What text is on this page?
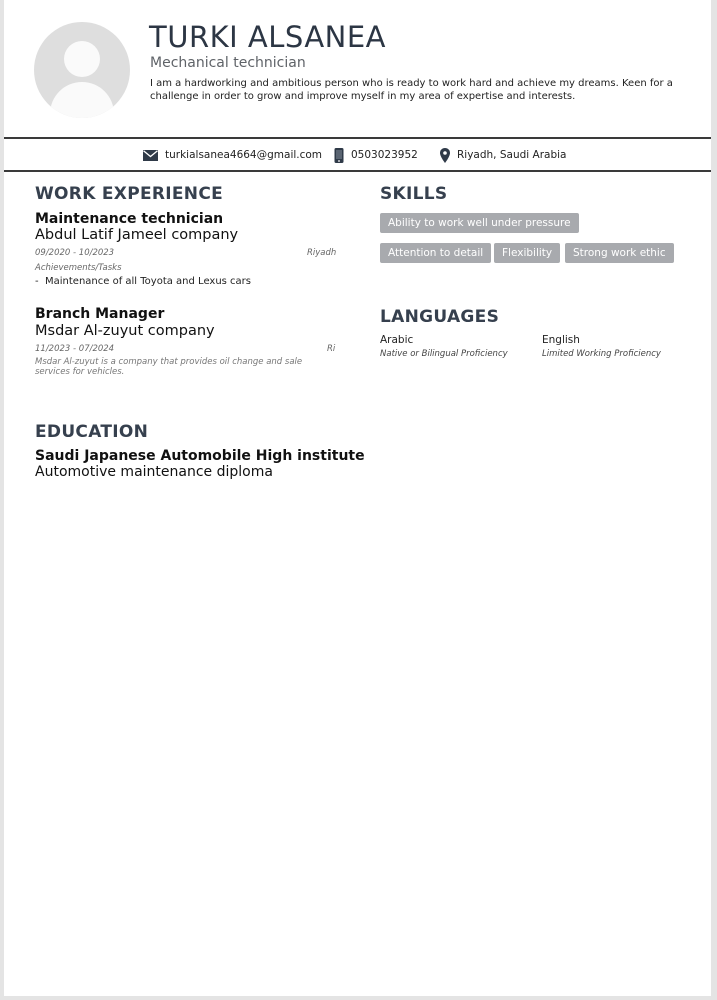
TURKI ALSANEA
Mechanical technician
I am a hardworking and ambitious person who is ready to work hard and achieve my dreams. Keen for a challenge in order to grow and improve myself in my area of expertise and interests.
turkialsanea4664@gmail.com	0503023952	Riyadh, Saudi Arabia
WORK EXPERIENCE
Maintenance technician
Abdul Latif Jameel company
09/2020 - 10/2023	Riyadh
Achievements/Tasks
- Maintenance of all Toyota and Lexus cars
Branch Manager
Msdar Al-zuyut company
11/2023 - 07/2024	Ri
Msdar Al-zuyut is a company that provides oil change and sale services for vehicles.
EDUCATION
Saudi Japanese Automobile High institute
Automotive maintenance diploma
SKILLS
Ability to work well under pressure
Attention to detail	Flexibility	Strong work ethic
LANGUAGES
Arabic
Native or Bilingual Proficiency
English
Limited Working Proficiency
